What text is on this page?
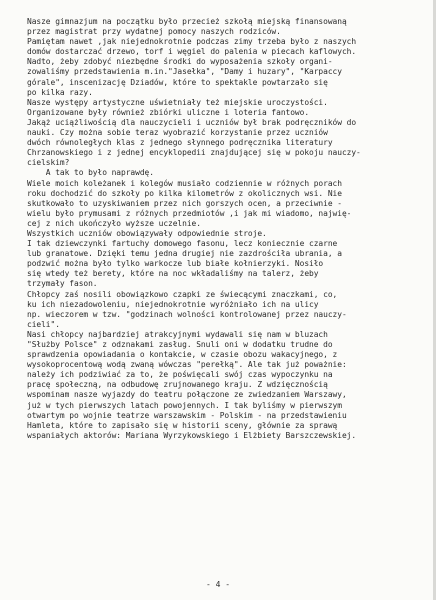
Nasze gimnazjum na początku było przecież szkołą miejską finansowaną
przez magistrat przy wydatnej pomocy naszych rodziców.
Pamiętam nawet ,jak niejednokrotnie podczas zimy trzeba było z naszych
domów dostarczać drzewo, torf i węgiel do palenia w piecach kaflowych.
Nadto, żeby zdobyć niezbędne środki do wyposażenia szkoły organi-
zowaliśmy przedstawienia m.in."Jasełka", "Damy i huzary", "Karpaccy
górale", inscenizację Dziadów, które to spektakle powtarzało się
po kilka razy.
Nasze występy artystyczne uświetniały też miejskie uroczystości.
Organizowane były również zbiórki uliczne i loteria fantowo.
Jakąż uciążliwością dla nauczycieli i uczniów był brak podręczników do
nauki. Czy można sobie teraz wyobrazić korzystanie przez uczniów
dwóch równoległych klas z jednego słynnego podręcznika literatury
Chrzanowskiego i z jednej encyklopedii znajdującej się w pokoju nauczy-
cielskim?
A tak to było naprawdę.
Wiele moich koleżanek i kolegów musiało codziennie w różnych porach
roku dochodzić do szkoły po kilka kilometrów z okolicznych wsi. Nie
skutkowało to uzyskiwaniem przez nich gorszych ocen, a przeciwnie -
wielu było prymusami z różnych przedmiotów ,i jak mi wiadomo, najwię-
cej z nich ukończyło wyższe uczelnie.
Wszystkich uczniów obowiązywały odpowiednie stroje.
I tak dziewczynki fartuchy domowego fasonu, lecz koniecznie czarne
lub granatowe. Dzięki temu jedna drugiej nie zazdrościła ubrania, a
podzwić można było tylko warkocze lub białe kołnierzyki. Nosiło
się wtedy też berety, które na noc wkładaliśmy na talerz, żeby
trzymały fason.
Chłopcy zaś nosili obowiązkowo czapki ze świecącymi znaczkami, co,
ku ich niezadowoleniu, niejednokrotnie wyróżniało ich na ulicy
np. wieczorem w tzw. "godzinach wolności kontrolowanej przez nauczy-
cieli".
Nasi chłopcy najbardziej atrakcyjnymi wydawali się nam w bluzach
"Służby Polsce" z odznakami zasług. Snuli oni w dodatku trudne do
sprawdzenia opowiadania o kontakcie, w czasie obozu wakacyjnego, z
wysokoprocentową wodą zwaną wówczas "perełką". Ale tak już poważnie:
należy ich podziwiać za to, że poświęcali swój czas wypoczynku na
pracę społeczną, na odbudowę zrujnowanego kraju. Z wdzięcznością
wspominam nasze wyjazdy do teatru połączone ze zwiedzaniem Warszawy,
już w tych pierwszych latach powojennych. I tak byliśmy w pierwszym
otwartym po wojnie teatrze warszawskim - Polskim - na przedstawieniu
Hamleta, które to zapisało się w historii sceny, głównie za sprawą
wspaniałych aktorów: Mariana Wyrzykowskiego i Elżbiety Barszczewskiej.
- 4 -
